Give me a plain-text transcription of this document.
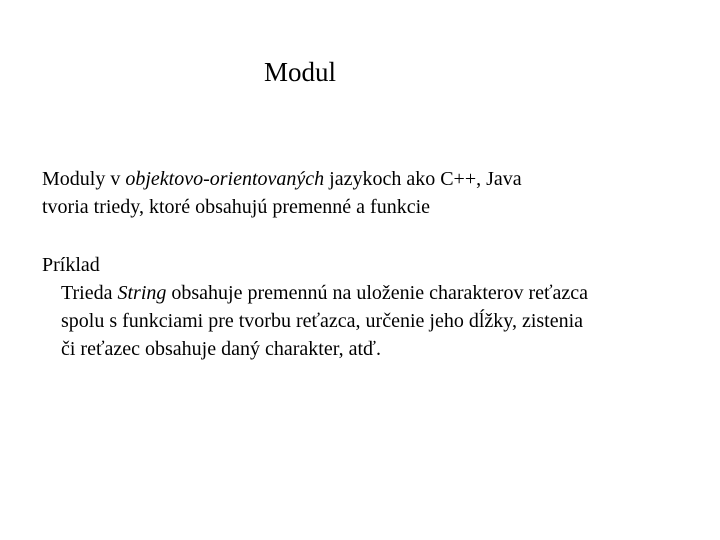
Modul
Moduly v objektovo-orientovaných jazykoch ako C++, Java
tvoria triedy, ktoré obsahujú premenné a funkcie
Príklad
Trieda String obsahuje premennú na uloženie charakterov reťazca
spolu s funkciami pre tvorbu reťazca, určenie jeho dĺžky, zistenia
či reťazec obsahuje daný charakter, atď.
